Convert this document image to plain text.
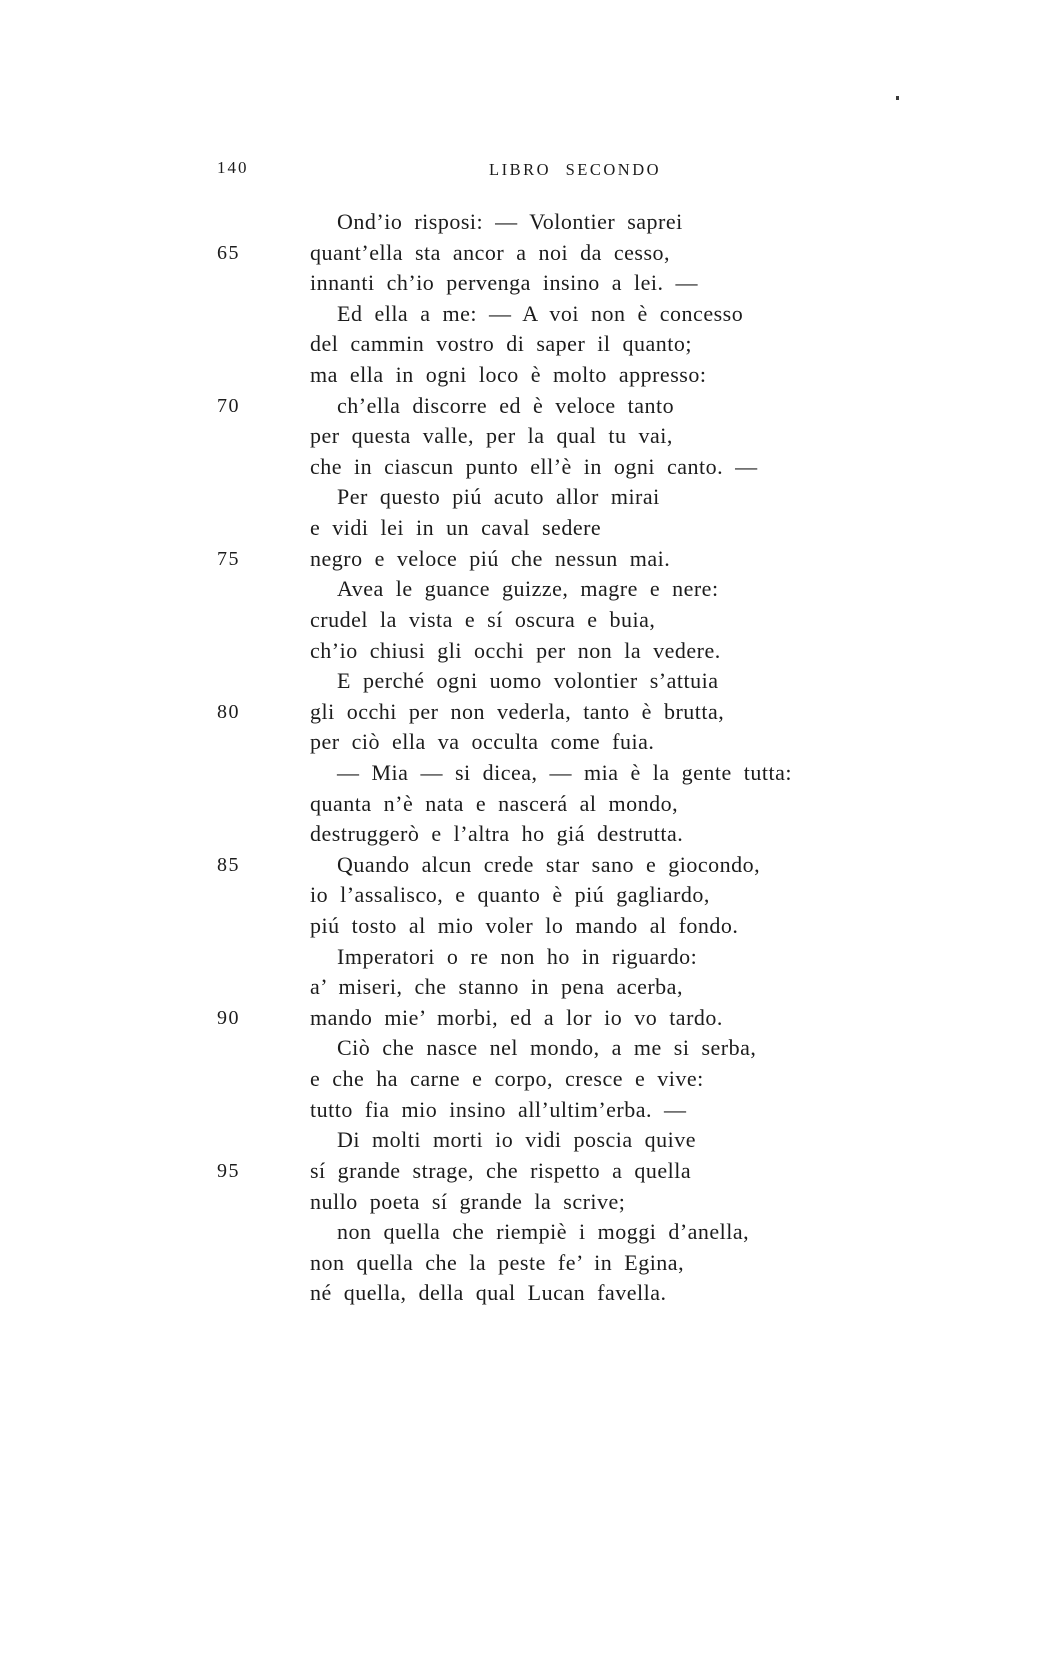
140	LIBRO SECONDO
Ond’io risposi: — Volontier saprei
65	quant’ella sta ancor a noi da cesso,
innanti ch’io pervenga insino a lei. —
Ed ella a me: — A voi non è concesso
del cammin vostro di saper il quanto;
ma ella in ogni loco è molto appresso:
70	ch’ella discorre ed è veloce tanto
per questa valle, per la qual tu vai,
che in ciascun punto ell’è in ogni canto. —
Per questo piú acuto allor mirai
e vidi lei in un caval sedere
75	negro e veloce piú che nessun mai.
Avea le guance guizze, magre e nere:
crudel la vista e sí oscura e buia,
ch’io chiusi gli occhi per non la vedere.
E perché ogni uomo volontier s’attuia
80	gli occhi per non vederla, tanto è brutta,
per ciò ella va occulta come fuia.
— Mia — si dicea, — mia è la gente tutta:
quanta n’è nata e nascerá al mondo,
destruggerò e l’altra ho giá destrutta.
85	Quando alcun crede star sano e giocondo,
io l’assalisco, e quanto è piú gagliardo,
piú tosto al mio voler lo mando al fondo.
Imperatori o re non ho in riguardo:
a’ miseri, che stanno in pena acerba,
90	mando mie’ morbi, ed a lor io vo tardo.
Ciò che nasce nel mondo, a me si serba,
e che ha carne e corpo, cresce e vive:
tutto fia mio insino all’ultim’erba. —
Di molti morti io vidi poscia quive
95	sí grande strage, che rispetto a quella
nullo poeta sí grande la scrive;
non quella che riempiè i moggi d’anella,
non quella che la peste fe’ in Egina,
né quella, della qual Lucan favella.
